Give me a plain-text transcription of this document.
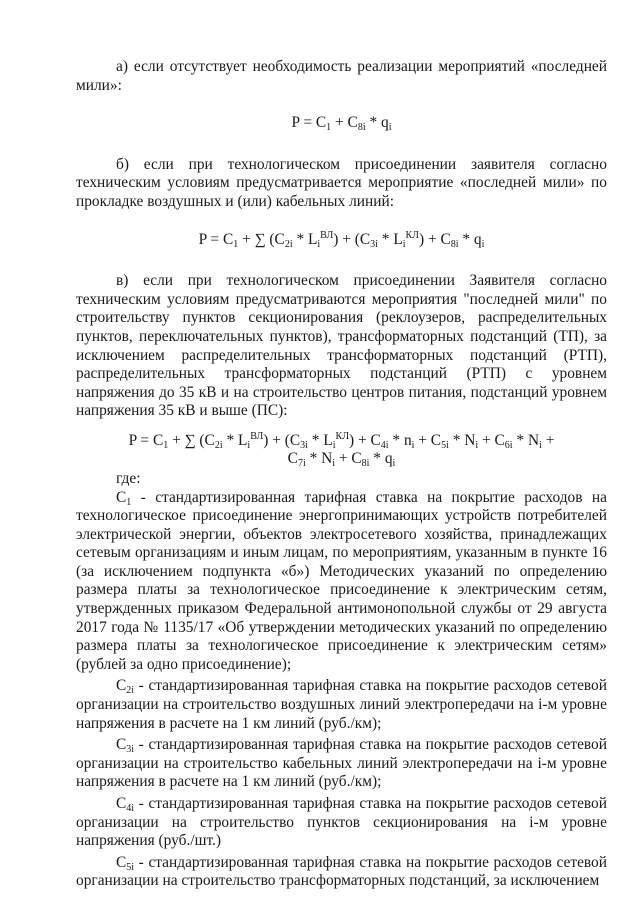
а) если отсутствует необходимость реализации мероприятий «последней мили»:

$P = C_1 + C_{8i} * q_i$

б) если при технологическом присоединении заявителя согласно техническим условиям предусматривается мероприятие «последней мили» по прокладке воздушных и (или) кабельных линий:

$P = C_1$ + ∑ $(C_{2i} * L_i^{ВЛ}) + (C_{3i} * L_i^{КЛ}) + C_{8i} * q_i$

в) если при технологическом присоединении Заявителя согласно техническим условиям предусматриваются мероприятия "последней мили" по строительству пунктов секционирования (реклоузеров, распределительных пунктов, переключательных пунктов), трансформаторных подстанций (ТП), за исключением распределительных трансформаторных подстанций (РТП), распределительных трансформаторных подстанций (РТП) с уровнем напряжения до 35 кВ и на строительство центров питания, подстанций уровнем напряжения 35 кВ и выше (ПС):

$P = C_1$ + ∑ $(C_{2i} * L_i^{ВЛ}) + (C_{3i} * L_i^{КЛ}) + C_{4i} * n_i + C_{5i} * N_i + C_{6i} * N_i$ +
$C_{7i} * N_i + C_{8i} * q_i$

где:

$C_1$ - стандартизированная тарифная ставка на покрытие расходов на технологическое присоединение энергопринимающих устройств потребителей электрической энергии, объектов электросетевого хозяйства, принадлежащих сетевым организациям и иным лицам, по мероприятиям, указанным в пункте 16 (за исключением подпункта «б») Методических указаний по определению размера платы за технологическое присоединение к электрическим сетям, утвержденных приказом Федеральной антимонопольной службы от 29 августа 2017 года № 1135/17 «Об утверждении методических указаний по определению размера платы за технологическое присоединение к электрическим сетям» (рублей за одно присоединение);

$C_{2i}$ - стандартизированная тарифная ставка на покрытие расходов сетевой организации на строительство воздушных линий электропередачи на i-м уровне напряжения в расчете на 1 км линий (руб./км);

$C_{3i}$ - стандартизированная тарифная ставка на покрытие расходов сетевой организации на строительство кабельных линий электропередачи на i-м уровне напряжения в расчете на 1 км линий (руб./км);

$C_{4i}$ - стандартизированная тарифная ставка на покрытие расходов сетевой организации на строительство пунктов секционирования на i-м уровне напряжения (руб./шт.)

$C_{5i}$ - стандартизированная тарифная ставка на покрытие расходов сетевой организации на строительство трансформаторных подстанций, за исключением
